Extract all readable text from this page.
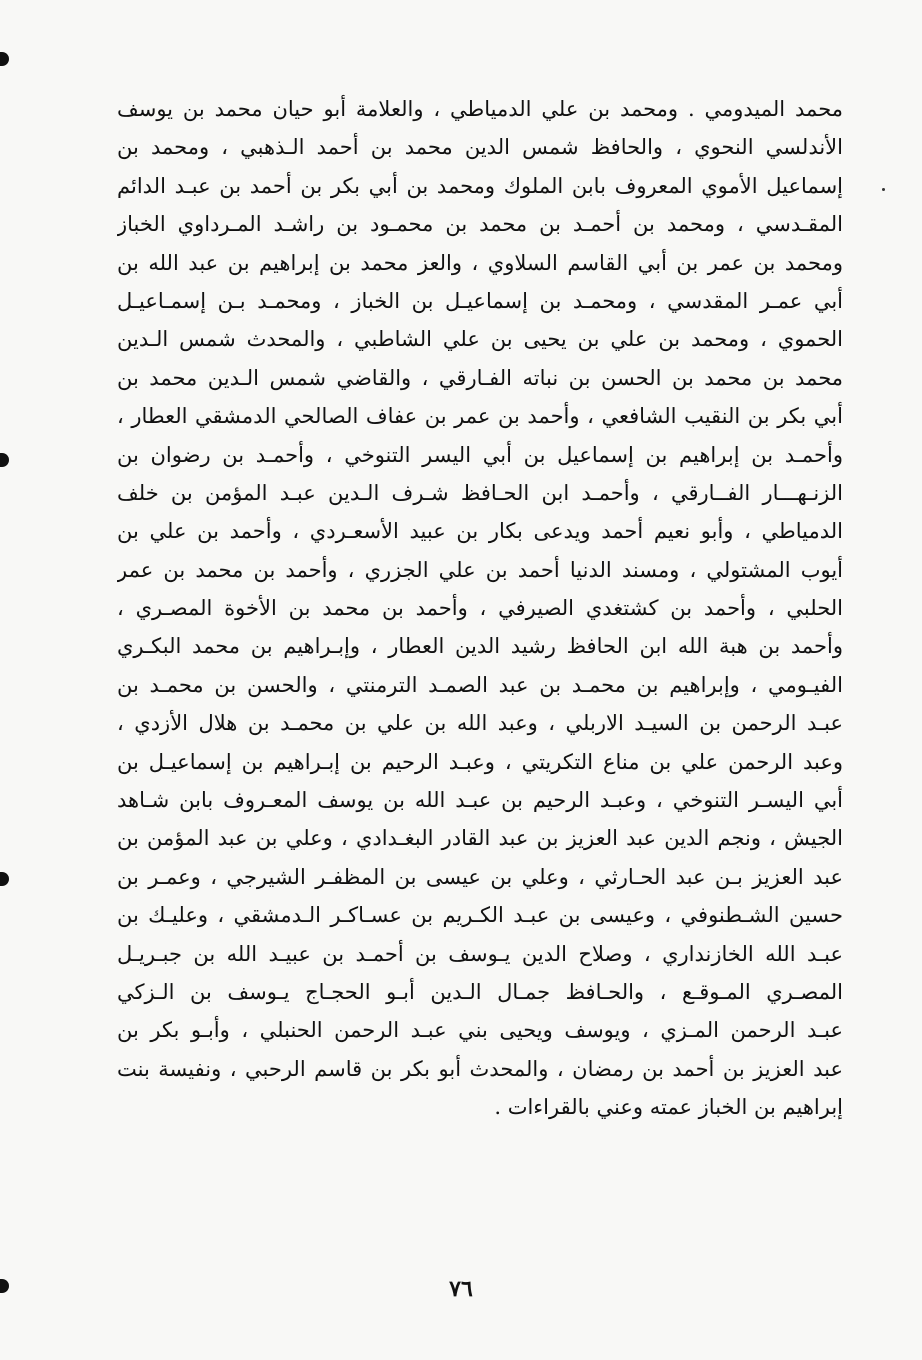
محمد الميدومي . ومحمد بن علي الدمياطي ، والعلامة أبو حيان محمد بن يوسف
الأندلسي النحوي ، والحافظ شمس الدين محمد بن أحمد الـذهبي ، ومحمد بن
إسماعيل الأموي المعروف بابن الملوك ومحمد بن أبي بكر بن أحمد بن عبـد الدائم
المقـدسي ، ومحمد بن أحمـد بن محمد بن محمـود بن راشـد المـرداوي الخباز
ومحمد بن عمر بن أبي القاسم السلاوي ، والعز محمد بن إبراهيم بن عبد الله بن
أبي عمـر المقدسي ، ومحمـد بن إسماعيـل بن الخباز ، ومحمـد بـن إسمـاعيـل
الحموي ، ومحمد بن علي بن يحيى بن علي الشاطبي ، والمحدث شمس الـدين
محمد بن محمد بن الحسن بن نباته الفـارقي ، والقاضي شمس الـدين محمد بن
أبي بكر بن النقيب الشافعي ، وأحمد بن عمر بن عفاف الصالحي الدمشقي العطار ،
وأحمـد بن إبراهيم بن إسماعيل بن أبي اليسر التنوخي ، وأحمـد بن رضوان بن
الزنـهـــار الفــارقي ، وأحمـد ابن الحـافظ شـرف الـدين عبـد المؤمن بن خلف
الدمياطي ، وأبو نعيم أحمد ويدعى بكار بن عبيد الأسعـردي ، وأحمد بن علي بن
أيوب المشتولي ، ومسند الدنيا أحمد بن علي الجزري ، وأحمد بن محمد بن عمر
الحلبي ، وأحمد بن كشتغدي الصيرفي ، وأحمد بن محمد بن الأخوة المصـري ،
وأحمد بن هبة الله ابن الحافظ رشيد الدين العطار ، وإبـراهيم بن محمد البكـري
الفيـومي ، وإبراهيم بن محمـد بن عبد الصمـد الترمنتي ، والحسن بن محمـد بن
عبـد الرحمن بن السيـد الاربلي ، وعبد الله بن علي بن محمـد بن هلال الأزدي ،
وعبد الرحمن علي بن مناع التكريتي ، وعبـد الرحيم بن إبـراهيم بن إسماعيـل بن
أبي اليسـر التنوخي ، وعبـد الرحيم بن عبـد الله بن يوسف المعـروف بابن شـاهد
الجيش ، ونجم الدين عبد العزيز بن عبد القادر البغـدادي ، وعلي بن عبد المؤمن بن
عبد العزيز بـن عبد الحـارثي ، وعلي بن عيسى بن المظفـر الشيرجي ، وعمـر بن
حسين الشـطنوفي ، وعيسى بن عبـد الكـريم بن عسـاكـر الـدمشقي ، وعليـك بن
عبـد الله الخازنداري ، وصلاح الدين يـوسف بن أحمـد بن عبيـد الله بن جبـريـل
المصـري المـوقـع ، والحـافظ جمـال الـدين أبـو الحجـاج يـوسف بن الـزكي
عبـد الرحمن المـزي ، ويوسف ويحيى بني عبـد الرحمن الحنبلي ، وأبـو بكر بن
عبد العزيز بن أحمد بن رمضان ، والمحدث أبو بكر بن قاسم الرحبي ، ونفيسة بنت
إبراهيم بن الخباز عمته وعني بالقراءات .
٧٦
